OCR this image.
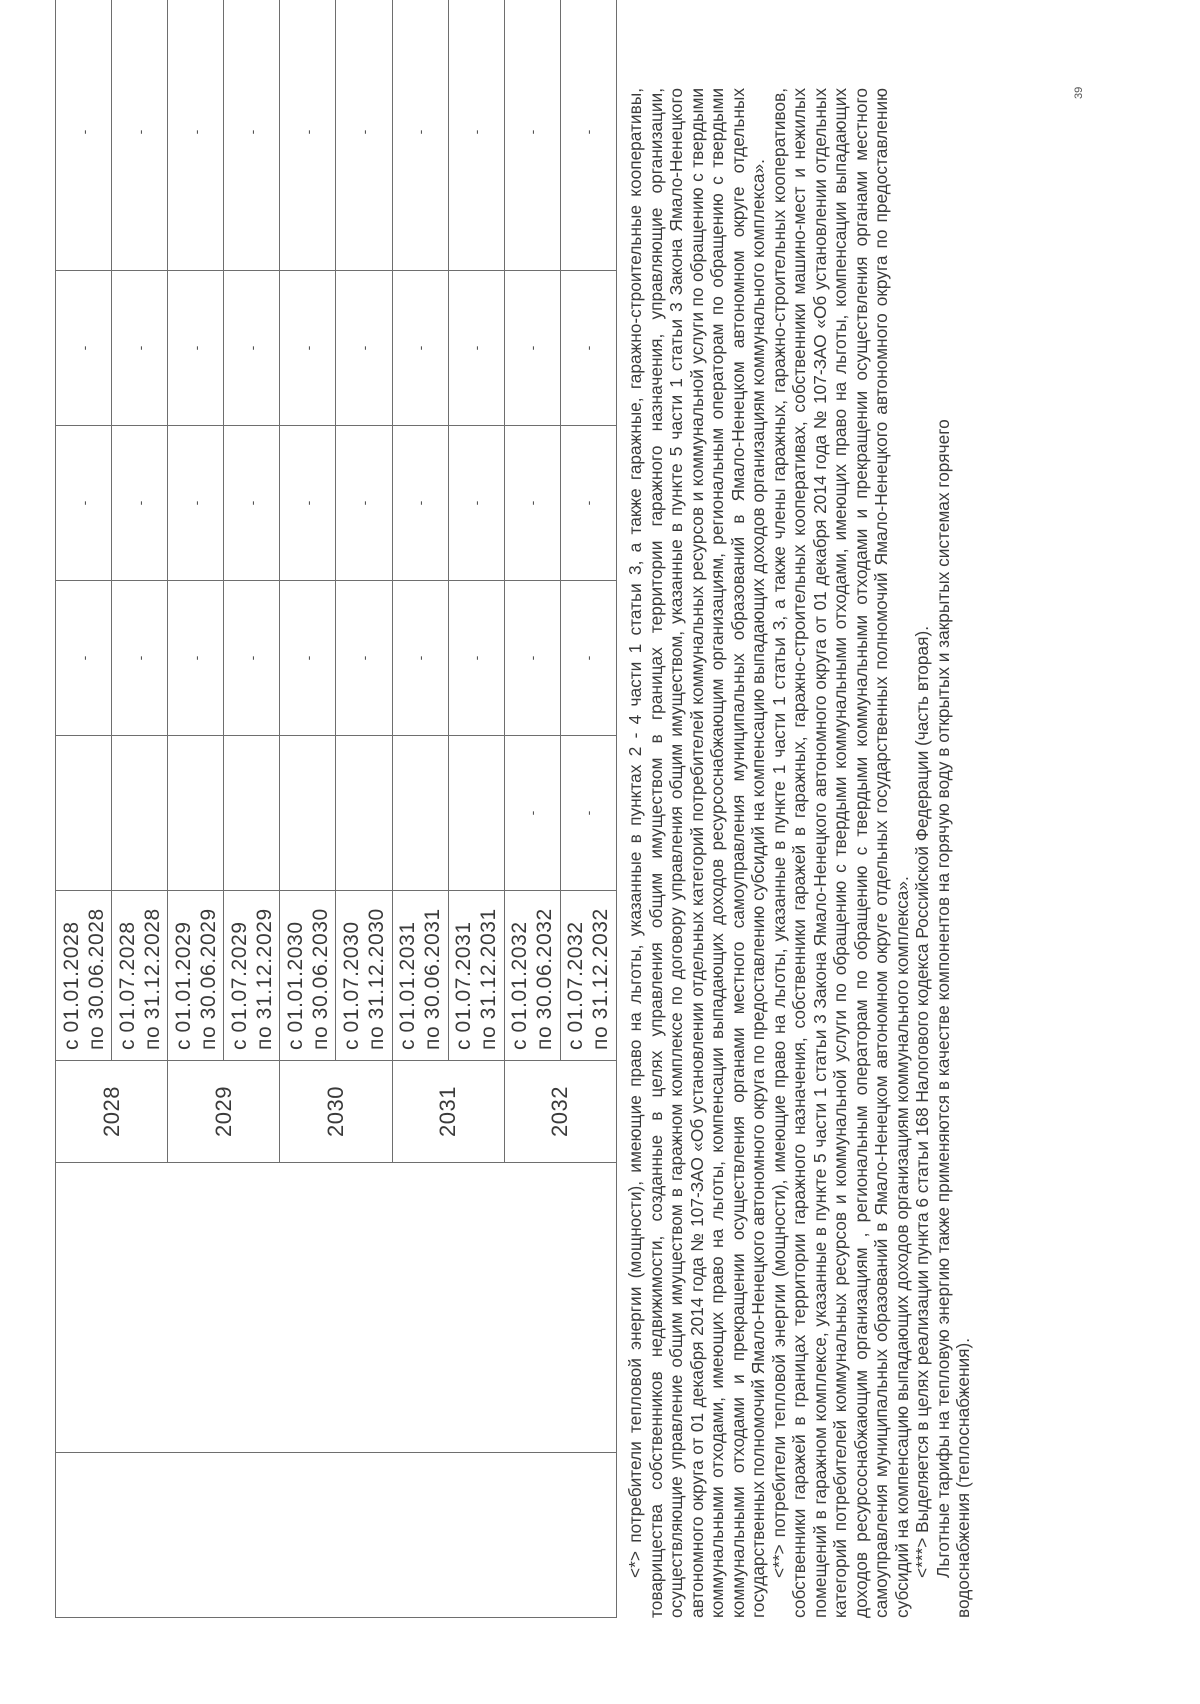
		2028	с 01.01.2028 по 30.06.2028		-	-	-	-

			с 01.07.2028 по 31.12.2028		-	-	-	-
		2029	с 01.01.2029 по 30.06.2029		-	-	-	-

			с 01.07.2029 по 31.12.2029		-	-	-	-
		2030	с 01.01.2030 по 30.06.2030		-	-	-	-

			с 01.07.2030 по 31.12.2030		-	-	-	-
		2031	с 01.01.2031 по 30.06.2031		-	-	-	-

			с 01.07.2031 по 31.12.2031		-	-	-	-
		2032	с 01.01.2032 по 30.06.2032	-	-	-	-	-

			с 01.07.2032 по 31.12.2032	-	-	-	-	- <*> потребители тепловой энергии (мощности), имеющие право на льготы, указанные в пунктах 2 - 4 части 1 статьи 3, а также гаражные, гаражно-строительные кооперативы, товарищества собственников недвижимости, созданные в целях управления общим имуществом в границах территории гаражного назначения, управляющие организации, осуществляющие управление общим имуществом в гаражном комплексе по договору управления общим имуществом, указанные в пункте 5 части 1 статьи 3 Закона Ямало-Ненецкого автономного округа от 01 декабря 2014 года № 107-ЗАО «Об установлении отдельных категорий потребителей коммунальных ресурсов и коммунальной услуги по обращению с твердыми коммунальными отходами, имеющих право на льготы, компенсации выпадающих доходов ресурсоснабжающим организациям, региональным операторам по обращению с твердыми коммунальными отходами и прекращении осуществления органами местного самоуправления муниципальных образований в Ямало-Ненецком автономном округе отдельных государственных полномочий Ямало-Ненецкого автономного округа по предоставлению субсидий на компенсацию выпадающих доходов организациям коммунального комплекса». <**> потребители тепловой энергии (мощности), имеющие право на льготы, указанные в пункте 1 части 1 статьи 3, а также члены гаражных, гаражно-строительных кооперативов, собственники гаражей в границах территории гаражного назначения, собственники гаражей в гаражных, гаражно-строительных кооперативах, собственники машино-мест и нежилых помещений в гаражном комплексе, указанные в пункте 5 части 1 статьи 3 Закона Ямало-Ненецкого автономного округа от 01 декабря 2014 года № 107-ЗАО «Об установлении отдельных категорий потребителей коммунальных ресурсов и коммунальной услуги по обращению с твердыми коммунальными отходами, имеющих право на льготы, компенсации выпадающих доходов ресурсоснабжающим организациям , региональным операторам по обращению с твердыми коммунальными отходами и прекращении осуществления органами местного самоуправления муниципальных образований в Ямало-Ненецком автономном округе отдельных государственных полномочий Ямало-Ненецкого автономного округа по предоставлению субсидий на компенсацию выпадающих доходов организациям коммунального комплекса». <***> Выделяется в целях реализации пункта 6 статьи 168 Налогового кодекса Российской Федерации (часть вторая). Льготные тарифы на тепловую энергию также применяются в качестве компонентов на горячую воду в открытых и закрытых системах горячего водоснабжения (теплоснабжения).

39
